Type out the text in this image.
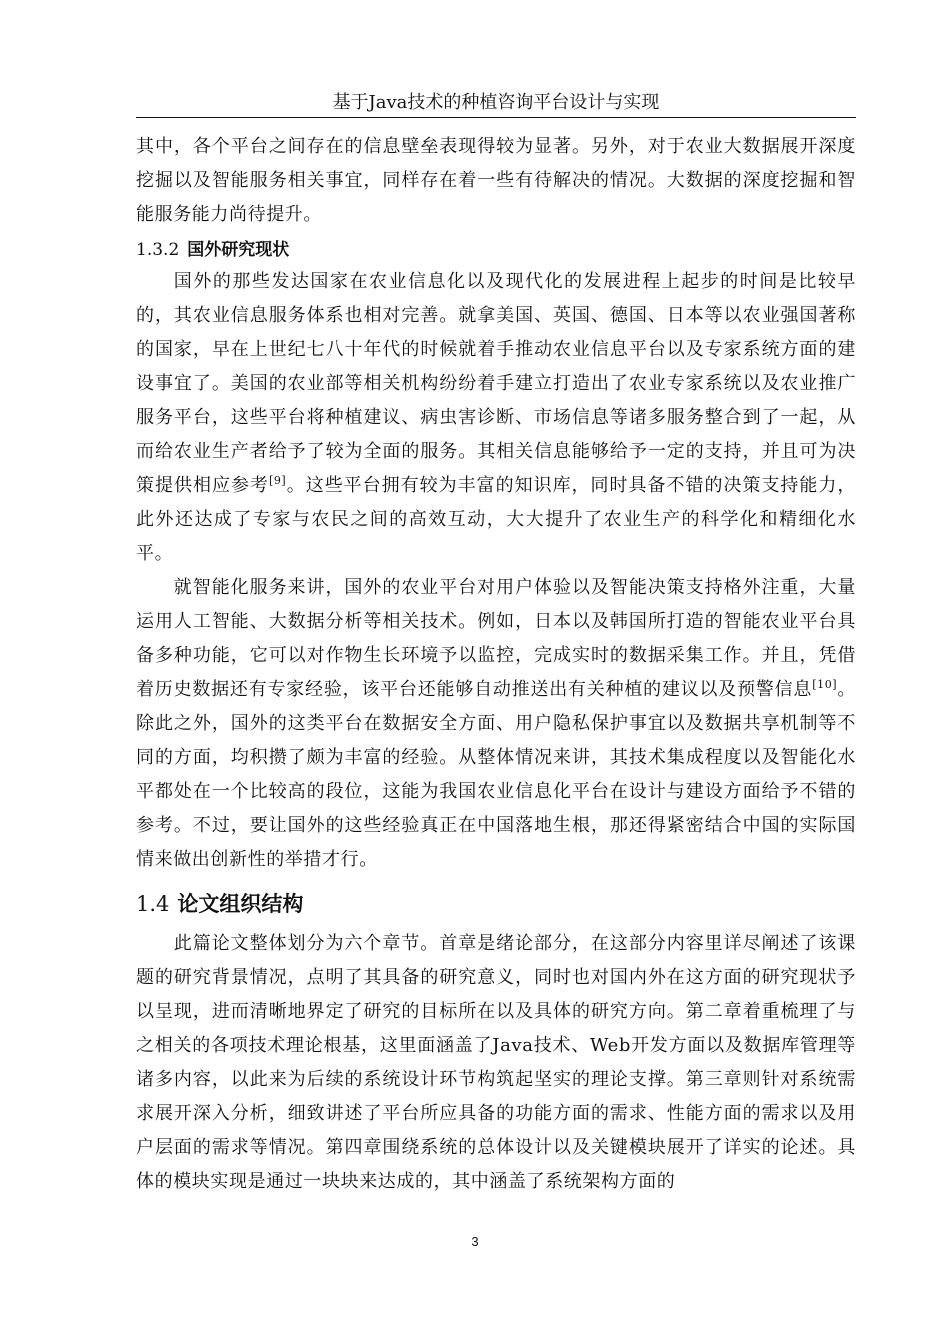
基于Java技术的种植咨询平台设计与实现

其中，各个平台之间存在的信息壁垒表现得较为显著。另外，对于农业大数据展开深度挖掘以及智能服务相关事宜，同样存在着一些有待解决的情况。大数据的深度挖掘和智能服务能力尚待提升。

1.3.2 国外研究现状

国外的那些发达国家在农业信息化以及现代化的发展进程上起步的时间是比较早的，其农业信息服务体系也相对完善。就拿美国、英国、德国、日本等以农业强国著称的国家，早在上世纪七八十年代的时候就着手推动农业信息平台以及专家系统方面的建设事宜了。美国的农业部等相关机构纷纷着手建立打造出了农业专家系统以及农业推广服务平台，这些平台将种植建议、病虫害诊断、市场信息等诸多服务整合到了一起，从而给农业生产者给予了较为全面的服务。其相关信息能够给予一定的支持，并且可为决策提供相应参考[9]。这些平台拥有较为丰富的知识库，同时具备不错的决策支持能力，此外还达成了专家与农民之间的高效互动，大大提升了农业生产的科学化和精细化水平。

就智能化服务来讲，国外的农业平台对用户体验以及智能决策支持格外注重，大量运用人工智能、大数据分析等相关技术。例如，日本以及韩国所打造的智能农业平台具备多种功能，它可以对作物生长环境予以监控，完成实时的数据采集工作。并且，凭借着历史数据还有专家经验，该平台还能够自动推送出有关种植的建议以及预警信息[10]。除此之外，国外的这类平台在数据安全方面、用户隐私保护事宜以及数据共享机制等不同的方面，均积攒了颇为丰富的经验。从整体情况来讲，其技术集成程度以及智能化水平都处在一个比较高的段位，这能为我国农业信息化平台在设计与建设方面给予不错的参考。不过，要让国外的这些经验真正在中国落地生根，那还得紧密结合中国的实际国情来做出创新性的举措才行。

1.4 论文组织结构

此篇论文整体划分为六个章节。首章是绪论部分，在这部分内容里详尽阐述了该课题的研究背景情况，点明了其具备的研究意义，同时也对国内外在这方面的研究现状予以呈现，进而清晰地界定了研究的目标所在以及具体的研究方向。第二章着重梳理了与之相关的各项技术理论根基，这里面涵盖了Java技术、Web开发方面以及数据库管理等诸多内容，以此来为后续的系统设计环节构筑起坚实的理论支撑。第三章则针对系统需求展开深入分析，细致讲述了平台所应具备的功能方面的需求、性能方面的需求以及用户层面的需求等情况。第四章围绕系统的总体设计以及关键模块展开了详实的论述。具体的模块实现是通过一块块来达成的，其中涵盖了系统架构方面的

3
